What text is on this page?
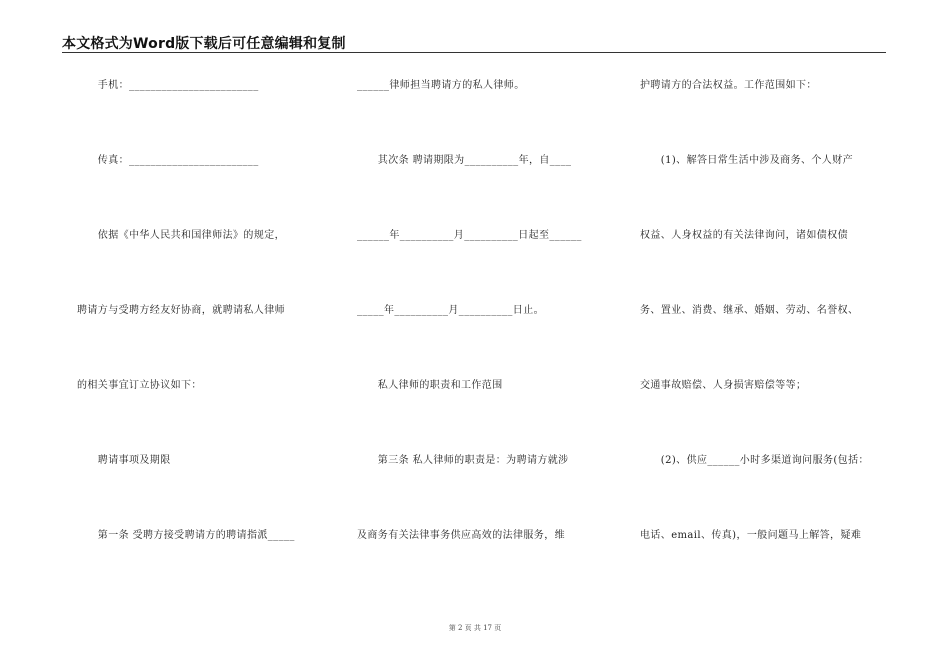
本文格式为Word版下载后可任意编辑和复制
　　手机：________________________
　　传真：________________________
　　依据《中华人民共和国律师法》的规定，
聘请方与受聘方经友好协商，就聘请私人律师
的相关事宜订立协议如下：
　　聘请事项及期限
　　第一条 受聘方接受聘请方的聘请指派_____
______律师担当聘请方的私人律师。
　　其次条 聘请期限为__________年，自____
______年__________月__________日起至______
_____年__________月__________日止。
　　私人律师的职责和工作范围
　　第三条 私人律师的职责是：为聘请方就涉
及商务有关法律事务供应高效的法律服务，维
护聘请方的合法权益。工作范围如下：
　　(1)、解答日常生活中涉及商务、个人财产
权益、人身权益的有关法律询问，诸如债权债
务、置业、消费、继承、婚姻、劳动、名誉权、
交通事故赔偿、人身损害赔偿等等；
　　(2)、供应______小时多渠道询问服务(包括：
电话、email、传真)，一般问题马上解答，疑难
第 2 页 共 17 页
